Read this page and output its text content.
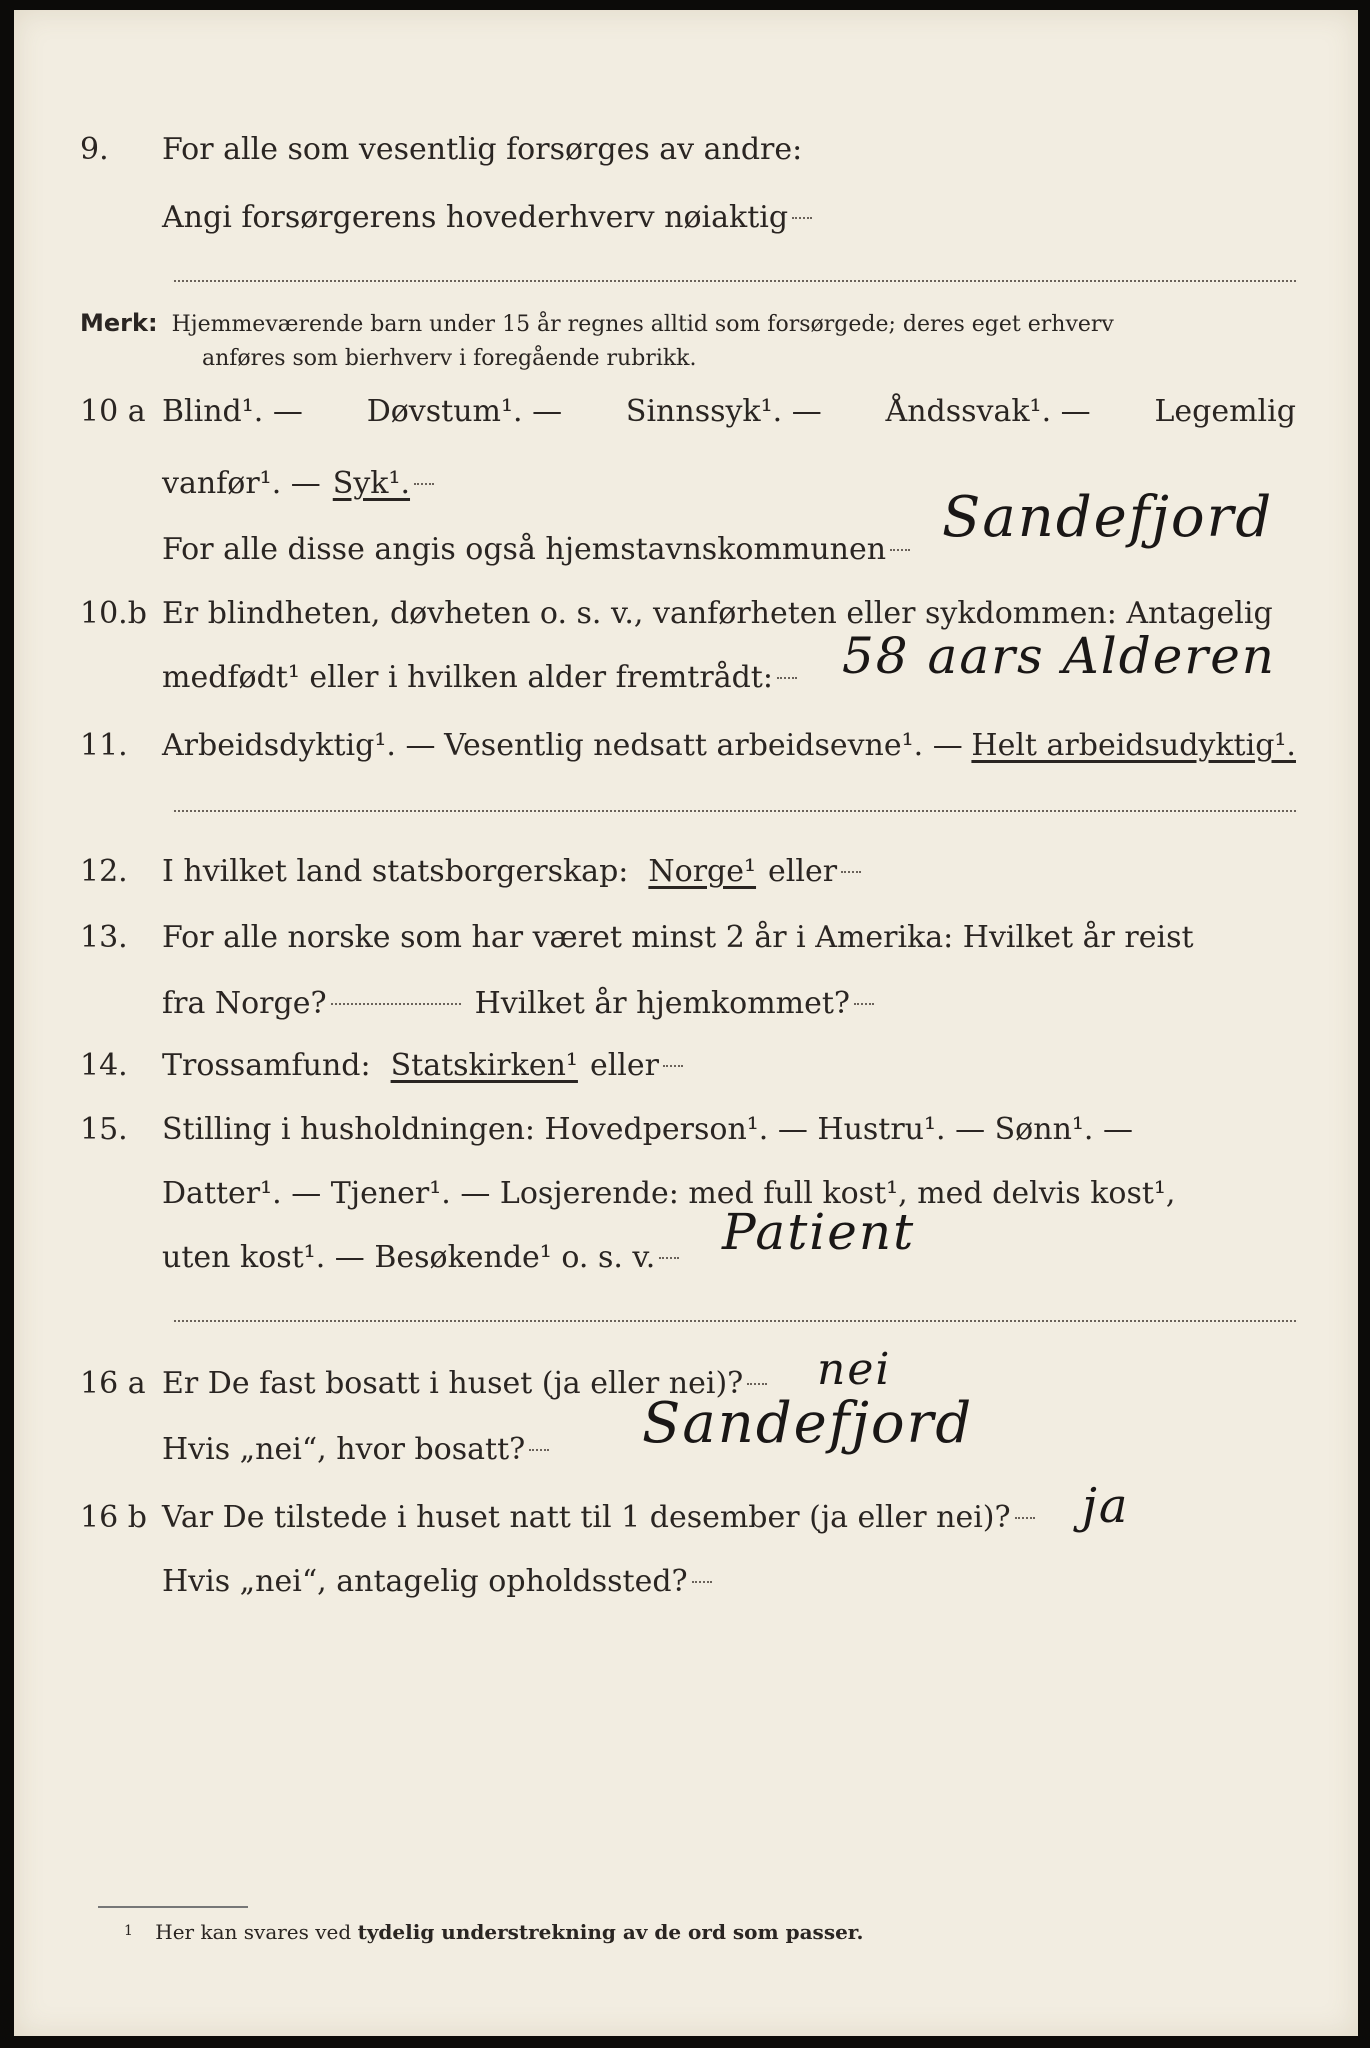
9.	For alle som vesentlig forsørges av andre:
Angi forsørgerens hovederhverv nøiaktig
Merk: Hjemmeværende barn under 15 år regnes alltid som forsørgede; deres eget erhverv
anføres som bierhverv i foregående rubrikk.
10 a Blind¹. — Døvstum¹. — Sinnssyk¹. — Åndssvak¹. — Legemlig
vanfør¹. — Syk¹.
For alle disse angis også hjemstavnskommunen Sandefjord
10.b Er blindheten, døvheten o. s. v., vanførheten eller sykdommen: Antagelig
medfødt¹ eller i hvilken alder fremtrådt: 58 aars Alderen
11.	Arbeidsdyktig¹. — Vesentlig nedsatt arbeidsevne¹. — Helt arbeidsudyktig¹.
12.	I hvilket land statsborgerskap: Norge¹ eller
13.	For alle norske som har været minst 2 år i Amerika: Hvilket år reist
fra Norge?	Hvilket år hjemkommet?
14.	Trossamfund: Statskirken¹ eller
15.	Stilling i husholdningen: Hovedperson¹. — Hustru¹. — Sønn¹. —
Datter¹. — Tjener¹. — Losjerende: med full kost¹, med delvis kost¹,
uten kost¹. — Besøkende¹ o. s. v. Patient
16 a Er De fast bosatt i huset (ja eller nei)? nei
Hvis „nei“, hvor bosatt? Sandefjord
16 b Var De tilstede i huset natt til 1 desember (ja eller nei)? ja
Hvis „nei“, antagelig opholdssted?
$^1$ Her kan svares ved tydelig understrekning av de ord som passer.
